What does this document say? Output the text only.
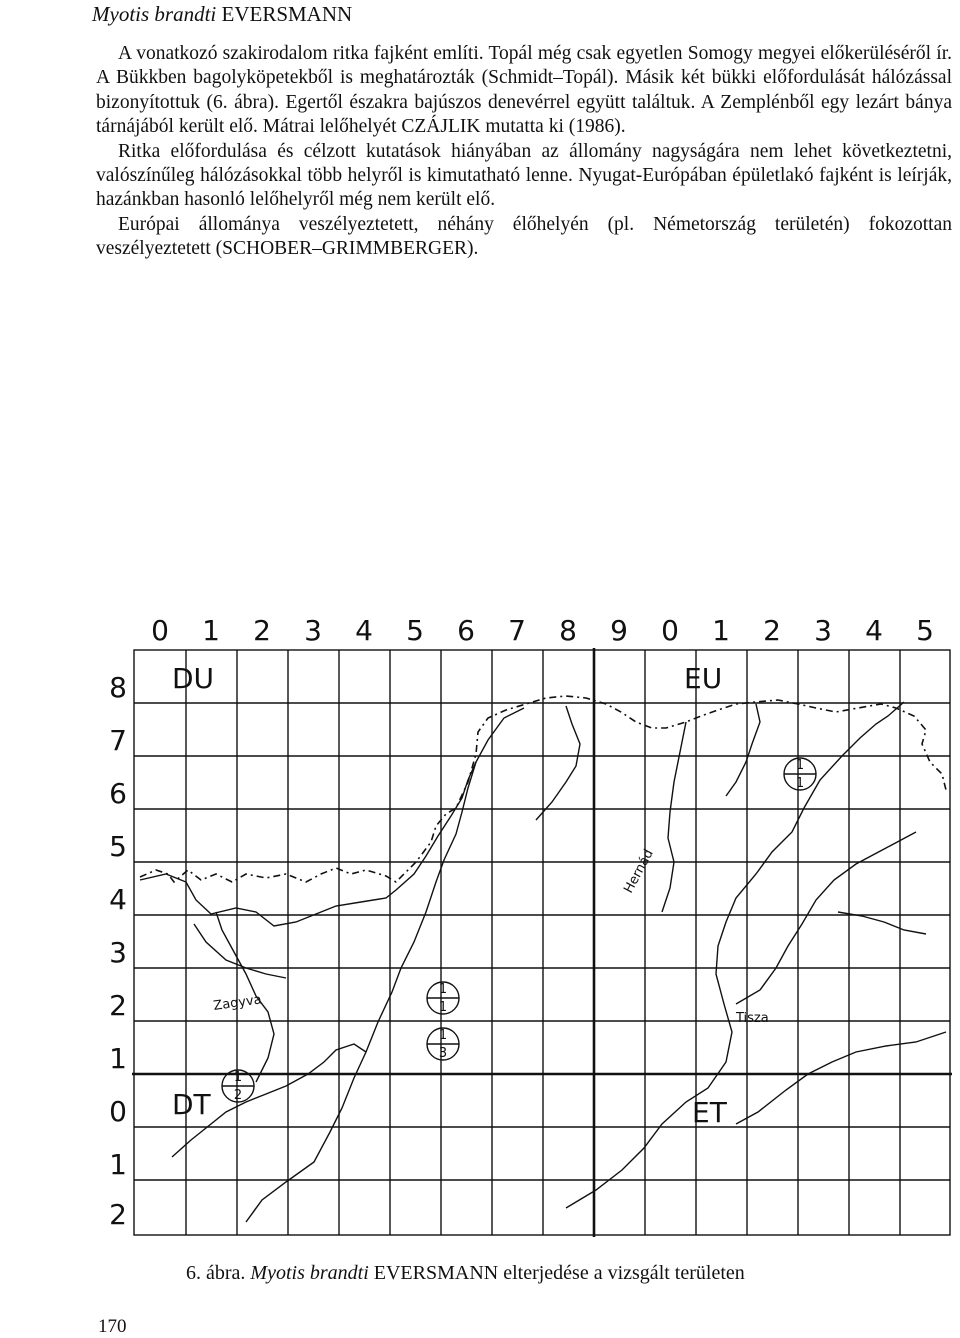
Myotis brandti EVERSMANN

A vonatkozó szakirodalom ritka fajként említi. Topál még csak egyetlen Somogy megyei előkerüléséről ír. A Bükkben bagolyköpetekből is meghatározták (Schmidt–Topál). Másik két bükki előfordulását hálózással bizonyítottuk (6. ábra). Egertől északra bajúszos denevérrel együtt találtuk. A Zemplénből egy lezárt bánya tárnájából került elő. Mátrai lelőhelyét CZÁJLIK mutatta ki (1986).

Ritka előfordulása és célzott kutatások hiányában az állomány nagyságára nem lehet következtetni, valószínűleg hálózásokkal több helyről is kimutatható lenne. Nyugat-Európában épületlakó fajként is leírják, hazánkban hasonló lelőhelyről még nem került elő.

Európai állománya veszélyeztetett, néhány élőhelyén (pl. Németország területén) fokozottan veszélyeztetett (SCHOBER–GRIMMBERGER).

0 1 2 3 4 5 6 7 8 9 0 1 2 3 4 5
8
7
6
5
4
3
2
1
0
1
2
DU	EU
DT	ET
Hernád
Zagyva
Tisza
1
1
1
1
1
3
1
2
6. ábra. Myotis brandti EVERSMANN elterjedése a vizsgált területen
170
